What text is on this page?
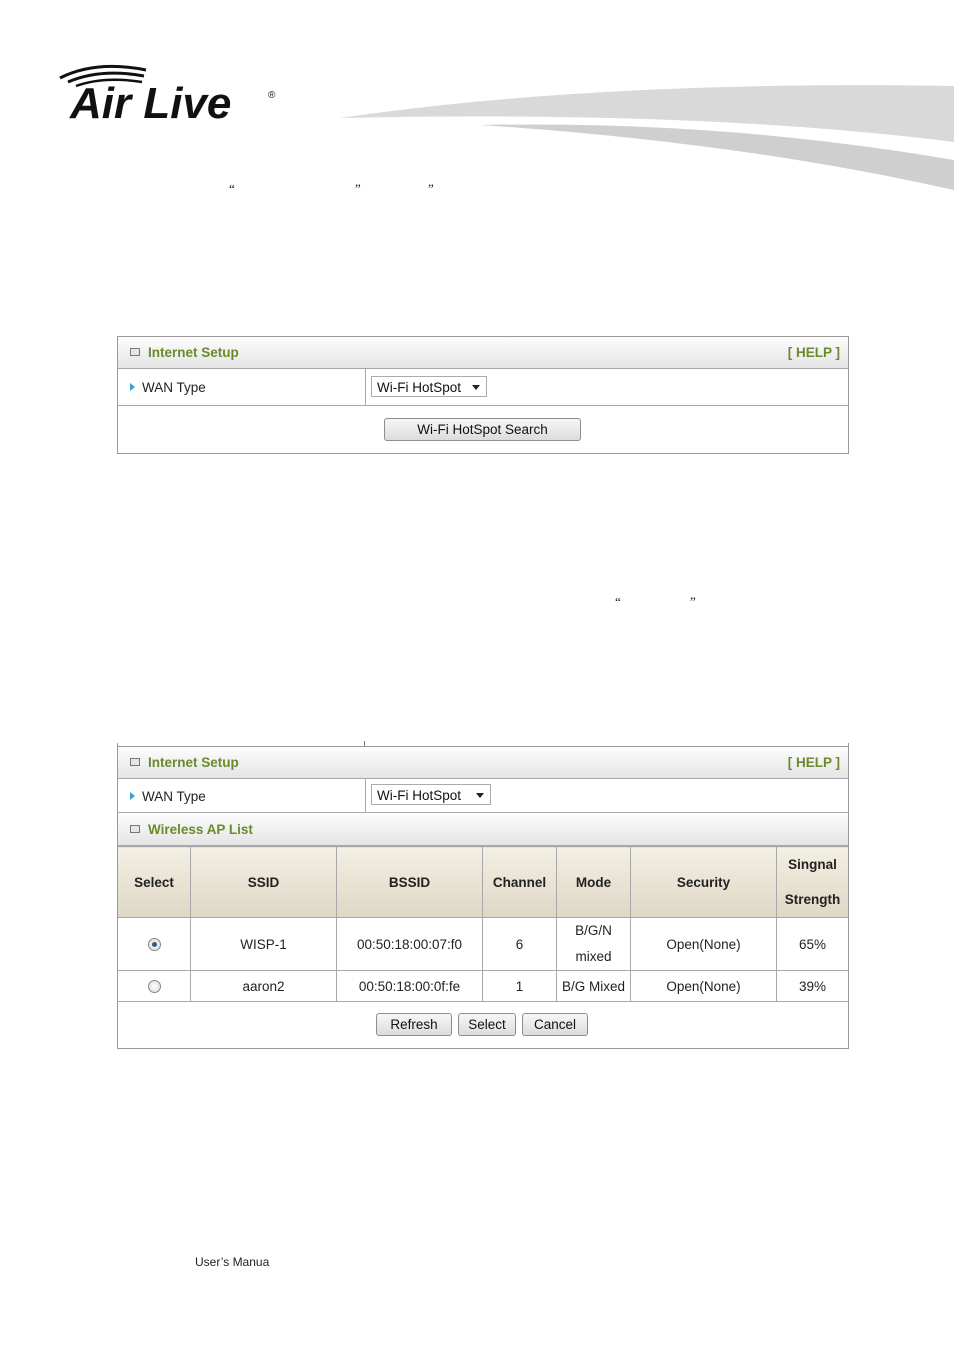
Air Live	®
“	”	”
“	”
Internet Setup	[ HELP ]
WAN Type	Wi-Fi HotSpot
Wi-Fi HotSpot Search
Internet Setup	[ HELP ]
WAN Type	Wi-Fi HotSpot
Wireless AP List
Select	SSID	BSSID	Channel	Mode	Security	Singnal Strength
	WISP-1	00:50:18:00:07:f0	6	B/G/N mixed	Open(None)	65%
	aaron2	00:50:18:00:0f:fe	1	B/G Mixed	Open(None)	39%
Refresh	Select	Cancel
User’s Manua
